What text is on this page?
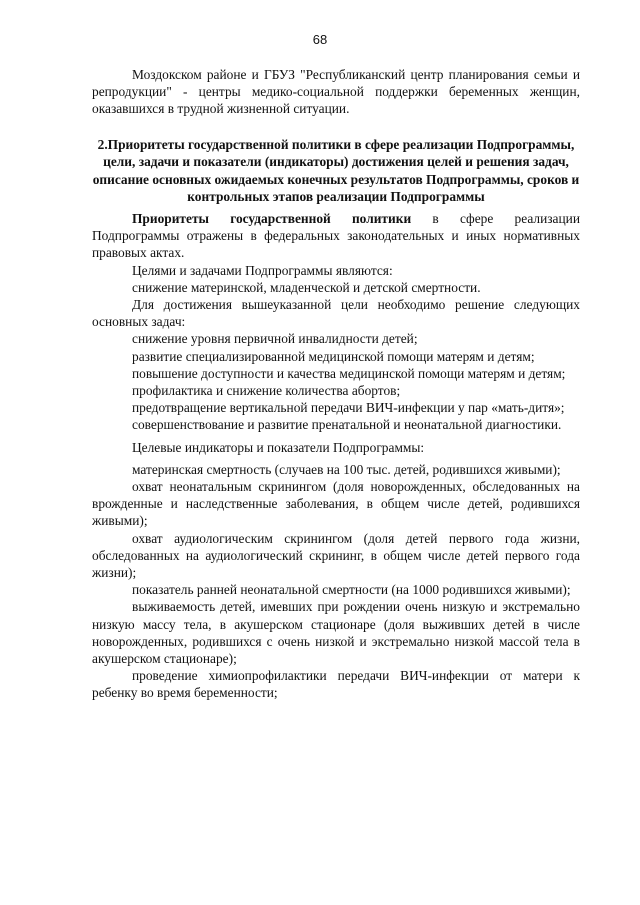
68

Моздокском районе и ГБУЗ "Республиканский центр планирования семьи и репродукции" - центры медико-социальной поддержки беременных женщин, оказавшихся в трудной жизненной ситуации.

2.Приоритеты государственной политики в сфере реализации Подпрограммы, цели, задачи и показатели (индикаторы) достижения целей и решения задач, описание основных ожидаемых конечных результатов Подпрограммы, сроков и контрольных этапов реализации Подпрограммы

Приоритеты государственной политики в сфере реализации Подпрограммы отражены в федеральных законодательных и иных нормативных правовых актах.

Целями и задачами Подпрограммы являются:

снижение материнской, младенческой и детской смертности.

Для достижения вышеуказанной цели необходимо решение следующих основных задач:

снижение уровня первичной инвалидности детей;

развитие специализированной медицинской помощи матерям и детям;

повышение доступности и качества медицинской помощи матерям и детям;

профилактика и снижение количества абортов;

предотвращение вертикальной передачи ВИЧ-инфекции у пар «мать-дитя»;

совершенствование и развитие пренатальной и неонатальной диагностики.

Целевые индикаторы и показатели Подпрограммы:

материнская смертность (случаев на 100 тыс. детей, родившихся живыми);

охват неонатальным скринингом (доля новорожденных, обследованных на врожденные и наследственные заболевания, в общем числе детей, родившихся живыми);

охват аудиологическим скринингом (доля детей первого года жизни, обследованных на аудиологический скрининг, в общем числе детей первого года жизни);

показатель ранней неонатальной смертности (на 1000 родившихся живыми);

выживаемость детей, имевших при рождении очень низкую и экстремально низкую массу тела, в акушерском стационаре (доля выживших детей в числе новорожденных, родившихся с очень низкой и экстремально низкой массой тела в акушерском стационаре);

проведение химиопрофилактики передачи ВИЧ-инфекции от матери к ребенку во время беременности;
